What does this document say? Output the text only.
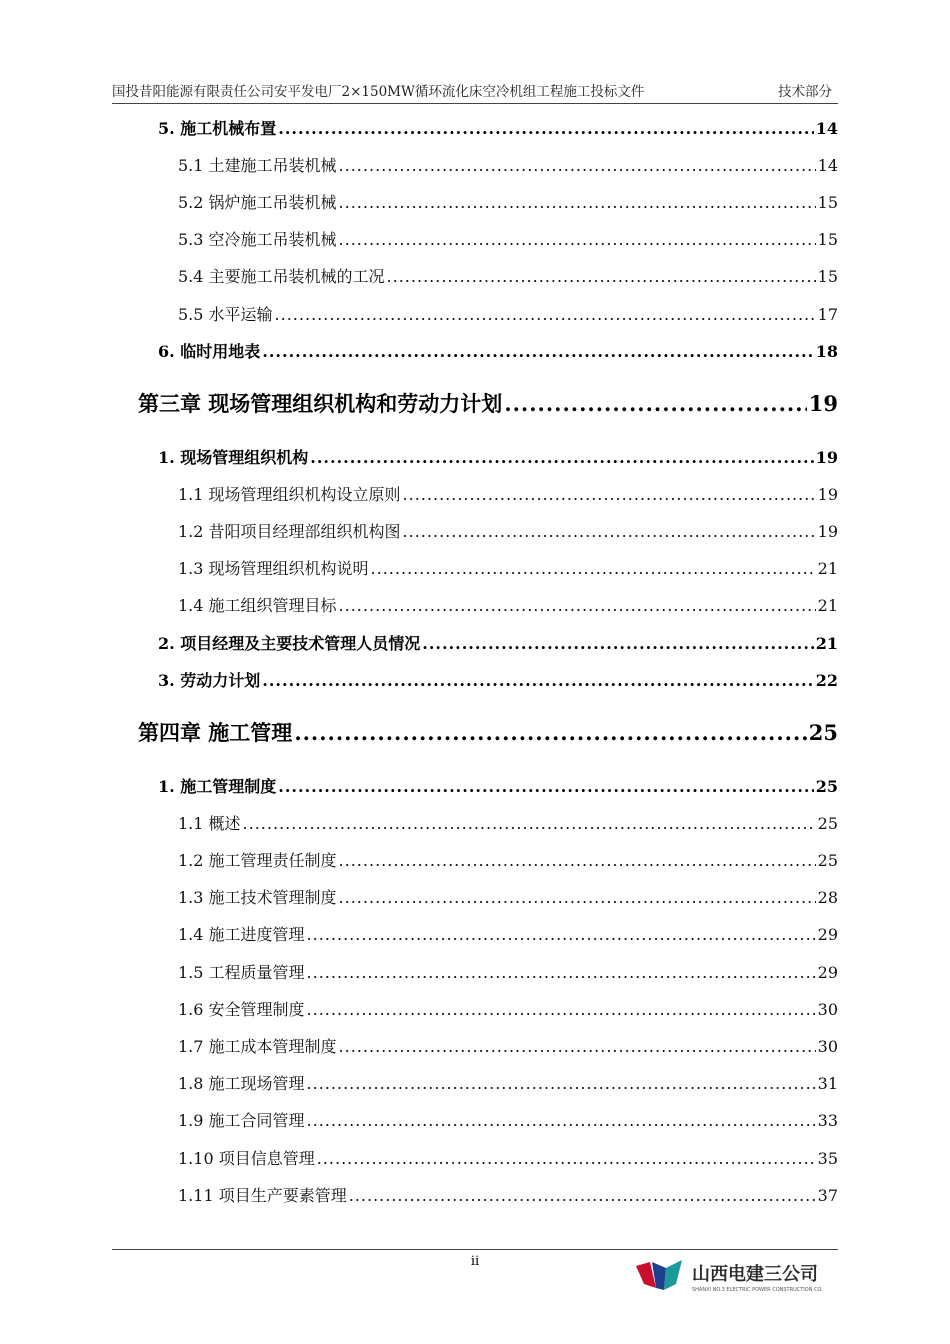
国投昔阳能源有限责任公司安平发电厂2×150MW循环流化床空冷机组工程施工投标文件	技术部分
5. 施工机械布置 .....	14
5.1 土建施工吊装机械 .....	14
5.2 锅炉施工吊装机械 .....	15
5.3 空冷施工吊装机械 .....	15
5.4 主要施工吊装机械的工况 .....	15
5.5 水平运输 .....	17
6. 临时用地表 .....	18
第三章 现场管理组织机构和劳动力计划 .....	19
1. 现场管理组织机构 .....	19
1.1 现场管理组织机构设立原则 .....	19
1.2 昔阳项目经理部组织机构图 .....	19
1.3 现场管理组织机构说明 .....	21
1.4 施工组织管理目标 .....	21
2. 项目经理及主要技术管理人员情况 .....	21
3. 劳动力计划 .....	22
第四章 施工管理 .....	25
1. 施工管理制度 .....	25
1.1 概述 .....	25
1.2 施工管理责任制度 .....	25
1.3 施工技术管理制度 .....	28
1.4 施工进度管理 .....	29
1.5 工程质量管理 .....	29
1.6 安全管理制度 .....	30
1.7 施工成本管理制度 .....	30
1.8 施工现场管理 .....	31
1.9 施工合同管理 .....	33
1.10 项目信息管理 .....	35
1.11 项目生产要素管理 .....	37
ii
山西电建三公司
SHANXI NO.3 ELECTRIC POWER CONSTRUCTION CO.
